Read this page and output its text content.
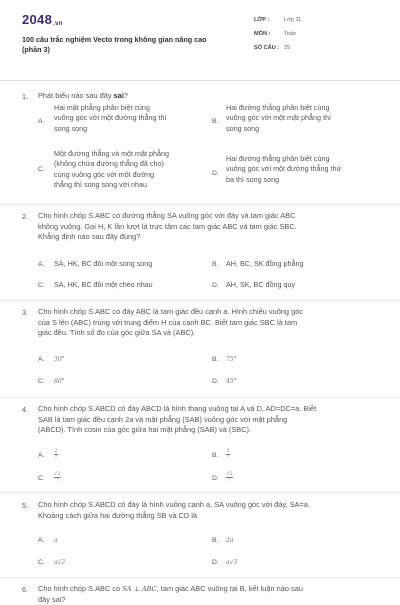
2048.vn
100 câu trắc nghiệm Vecto trong không gian nâng cao
(phần 3)
LỚP :	Lớp 11
MÔN : Toán
SỐ CÂU : 25
1. Phát biểu nào sau đây sai?
A.
Hai mặt phẳng phân biệt cùng
vuông góc với một đường thẳng thì
song song
B.
Hai đường thẳng phân biệt cùng
vuông góc với một mặt phẳng thì
song song
C.
Một đường thẳng và một mặt phẳng
(không chứa đường thẳng đã cho)
cùng vuông góc với một đường
thẳng thì song song với nhau
D.
Hai đường thẳng phân biệt cùng
vuông góc với một đường thẳng thứ
ba thì song song
2. Cho hình chóp S.ABC có đường thẳng SA vuông góc với đáy và tam giác ABC
không vuông. Gọi H, K lần lượt là trực tâm các tam giác ABC và tam giác SBC.
Khẳng định nào sau đây đúng?
A. SA, HK, BC đôi một song song	B. AH, BC, SK đồng phẳng
C. SA, HK, BC đôi một chéo nhau	D. AH, SK, BC đồng quy
3. Cho hình chóp S.ABC có đáy ABC là tam giác đều cạnh a. Hình chiếu vuông góc
của S lên (ABC) trùng với trung điểm H của cạnh BC. Biết tam giác SBC là tam
giác đều. Tính số đo của góc giữa SA và (ABC).
A. 30°	B. 75°
C. 60°	D. 45°
4. Cho hình chóp S.ABCD có đáy ABCD là hình thang vuông tại A và D, AD=DC=a. Biết
SAB là tam giác đều cạnh 2a và mặt phẳng (SAB) vuông góc với mặt phẳng
(ABCD). Tính cosin của góc giữa hai mặt phẳng (SAB) và (SBC).
A. $\frac{2}{7}$	B. $\frac{3}{7}$
C. $\frac{√2}{7}$	D. $\frac{√5}{7}$
5. Cho hình chóp S.ABCD có đáy là hình vuông cạnh a, SA vuông góc với đáy, SA=a.
Khoảng cách giữa hai đường thẳng SB và CD là
A. a	B. 2a
C. a√2	D. a√3
6. Cho hình chóp S.ABC có SA ⊥ ABC, tam giác ABC vuông tại B, kết luận nào sau
đây sai?
